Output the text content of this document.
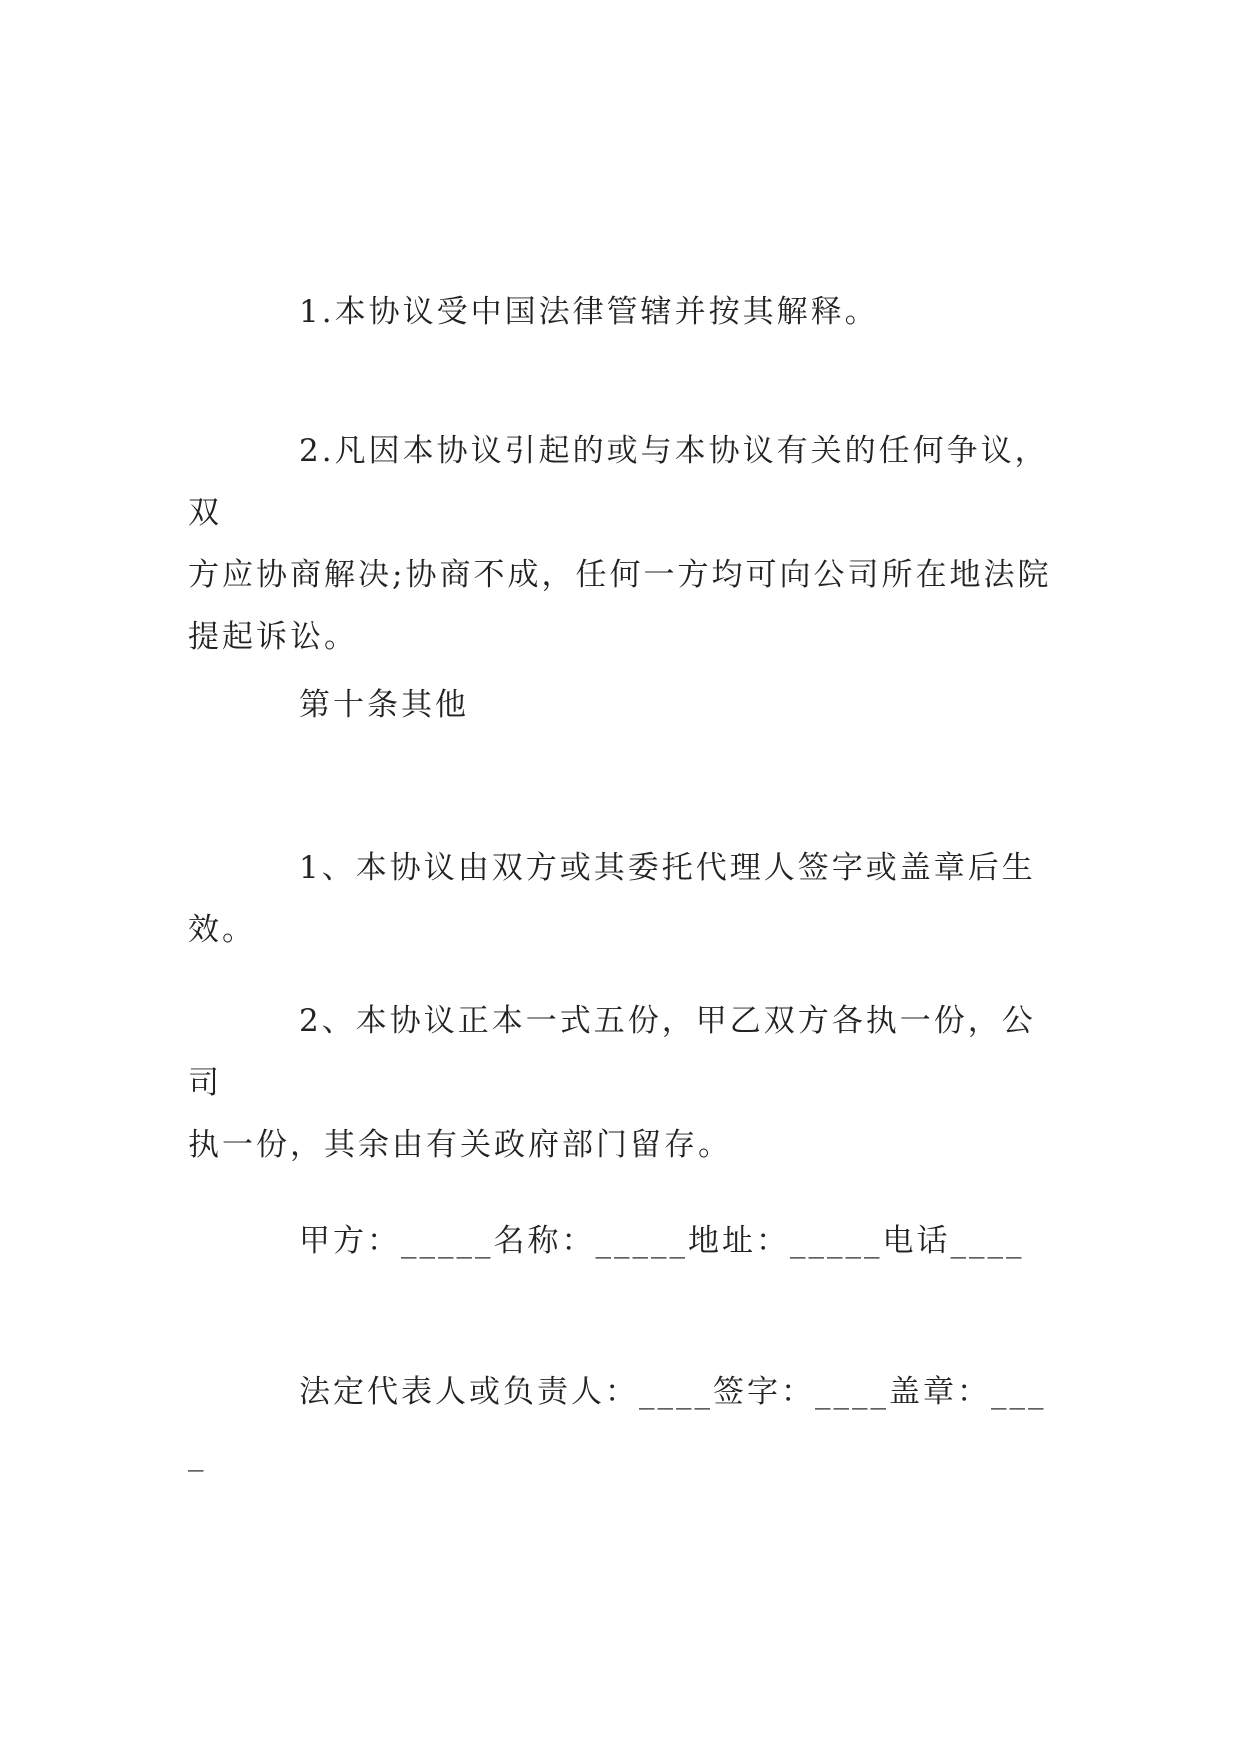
1.本协议受中国法律管辖并按其解释。

2.凡因本协议引起的或与本协议有关的任何争议，双
方应协商解决;协商不成，任何一方均可向公司所在地法院
提起诉讼。

第十条其他

1、本协议由双方或其委托代理人签字或盖章后生效。

2、本协议正本一式五份，甲乙双方各执一份，公司
执一份，其余由有关政府部门留存。

甲方：_____名称：_____地址：_____电话____

法定代表人或负责人：____签字：____盖章：____
